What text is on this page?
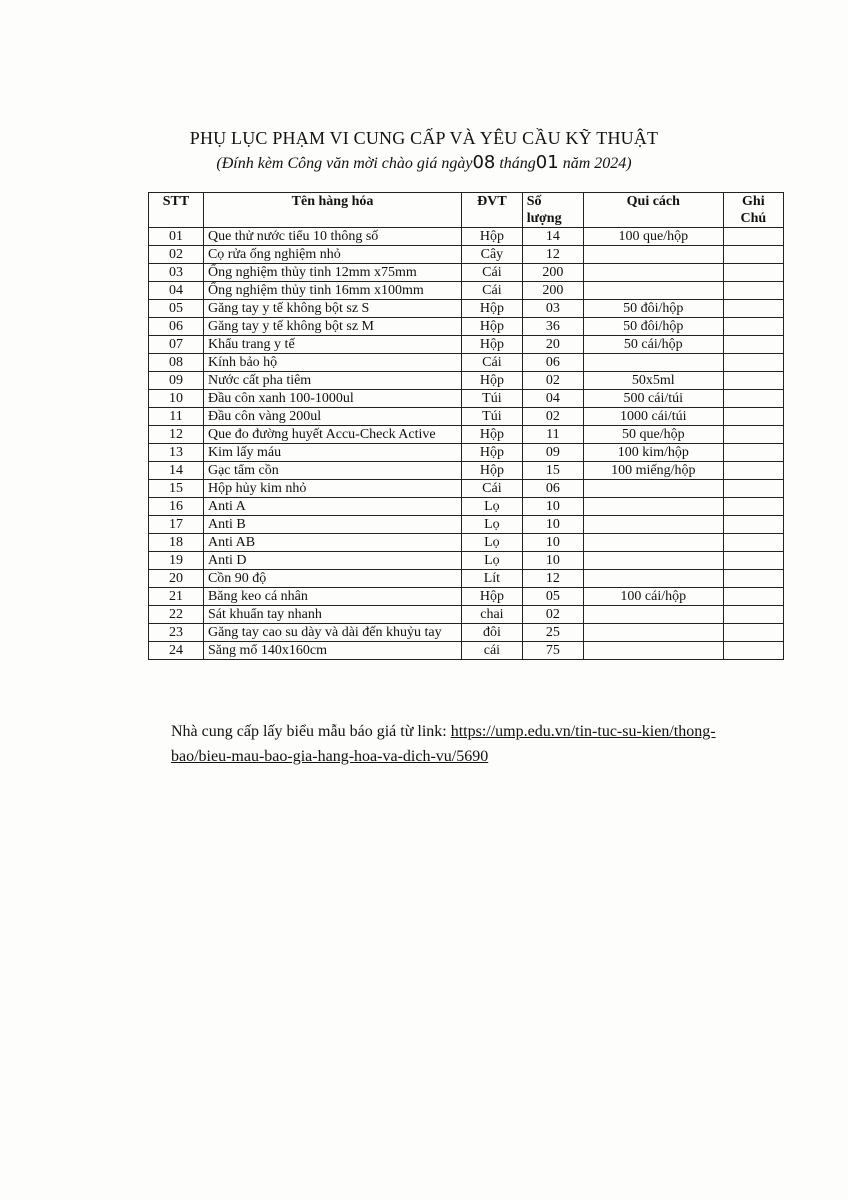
PHỤ LỤC PHẠM VI CUNG CẤP VÀ YÊU CẦU KỸ THUẬT
(Đính kèm Công văn mời chào giá ngày08 tháng01 năm 2024)
STT	Tên hàng hóa	ĐVT	Số lượng	Qui cách	Ghi Chú
01	Que thử nước tiểu 10 thông số	Hộp	14	100 que/hộp	
02	Cọ rửa ống nghiệm nhỏ	Cây	12		
03	Ống nghiệm thủy tinh 12mm x75mm	Cái	200		
04	Ống nghiệm thủy tinh 16mm x100mm	Cái	200		
05	Găng tay y tế không bột sz S	Hộp	03	50 đôi/hộp	
06	Găng tay y tế không bột sz M	Hộp	36	50 đôi/hộp	
07	Khẩu trang y tế	Hộp	20	50 cái/hộp	
08	Kính bảo hộ	Cái	06		
09	Nước cất pha tiêm	Hộp	02	50x5ml	
10	Đầu côn xanh 100-1000ul	Túi	04	500 cái/túi	
11	Đầu côn vàng 200ul	Túi	02	1000 cái/túi	
12	Que đo đường huyết Accu-Check Active	Hộp	11	50 que/hộp	
13	Kim lấy máu	Hộp	09	100 kim/hộp	
14	Gạc tẩm cồn	Hộp	15	100 miếng/hộp	
15	Hộp hủy kim nhỏ	Cái	06		
16	Anti A	Lọ	10		
17	Anti B	Lọ	10		
18	Anti AB	Lọ	10		
19	Anti D	Lọ	10		
20	Cồn 90 độ	Lít	12		
21	Băng keo cá nhân	Hộp	05	100 cái/hộp	
22	Sát khuẩn tay nhanh	chai	02		
23	Găng tay cao su dày và dài đến khuỷu tay	đôi	25		
24	Săng mổ 140x160cm	cái	75		
Nhà cung cấp lấy biểu mẫu báo giá từ link: https://ump.edu.vn/tin-tuc-su-kien/thong-bao/bieu-mau-bao-gia-hang-hoa-va-dich-vu/5690
